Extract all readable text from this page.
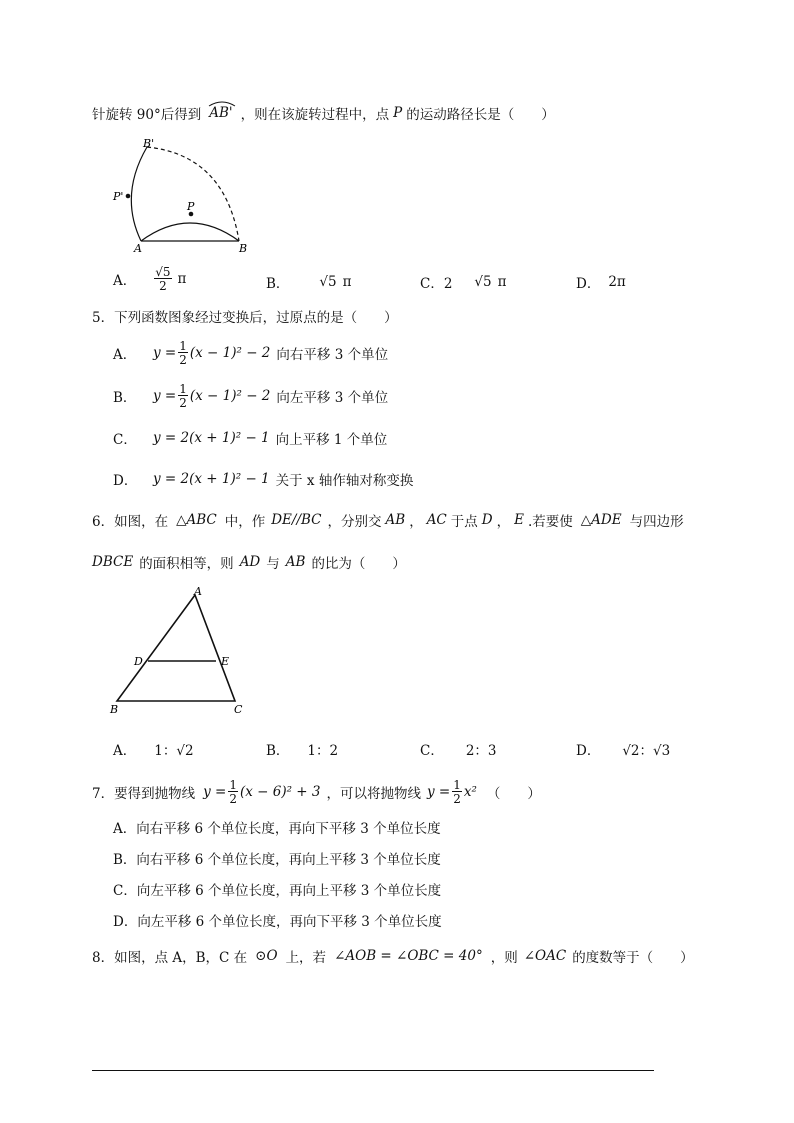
针旋转 90°后得到 AB' ，则在该旋转过程中，点 P 的运动路径长是（　　）
B'
P'
P
A	B
A． $\frac{√5}{2}$ π	B． √5 π	C．2 √5 π	D． 2π
5．下列函数图象经过变换后，过原点的是（　　）
A．	$y = \frac{1}{2} (x - 1)^2 - 2$ 向右平移 3 个单位
B．	$y = \frac{1}{2} (x - 1)^2 - 2$ 向左平移 3 个单位
C．	y = 2(x + 1)² − 1 向上平移 1 个单位
D．	y = 2(x + 1)² − 1 关于 x 轴作轴对称变换
6．如图，在 △ABC 中，作 DE//BC ，分别交 AB ， AC 于点 D ， E .若要使 △ADE 与四边形
DBCE 的面积相等，则 AD 与 AB 的比为（　　）
A
D	E
B	C
A． 1：√2	B． 1：2	C． 2：3	D． √2：√3
7．要得到抛物线 $y = \frac{1}{2} (x - 6)^2 + 3$ ，可以将抛物线 $y = \frac{1}{2} x^2$ （　　）
A．向右平移 6 个单位长度，再向下平移 3 个单位长度
B．向右平移 6 个单位长度，再向上平移 3 个单位长度
C．向左平移 6 个单位长度，再向上平移 3 个单位长度
D．向左平移 6 个单位长度，再向下平移 3 个单位长度
8．如图，点 A，B，C 在 ⊙O 上，若 ∠AOB = ∠OBC = 40° ，则 ∠OAC 的度数等于（　　）
